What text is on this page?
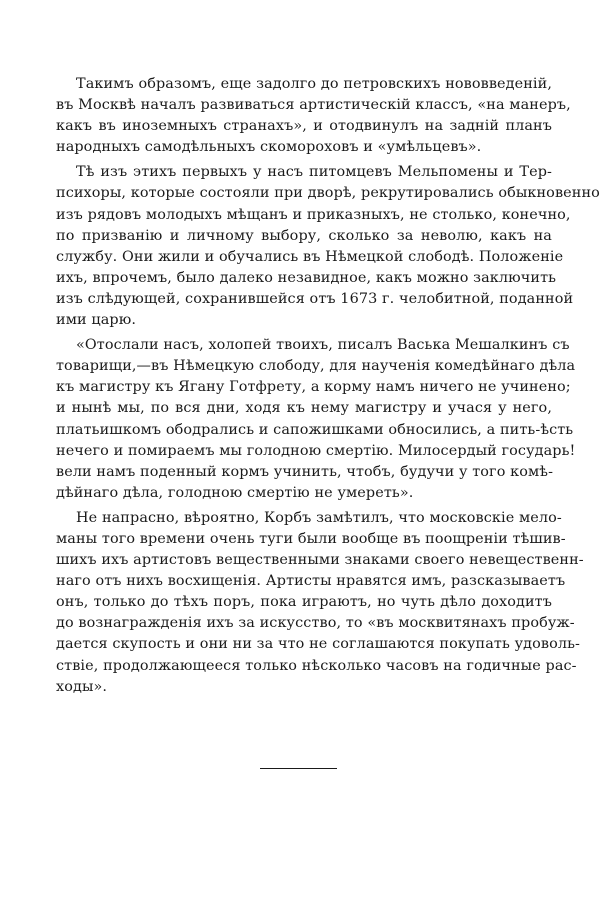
Такимъ образомъ, еще задолго до петровскихъ нововведеній,
въ Москвѣ началъ развиваться артистическій классъ, «на манеръ,
какъ въ иноземныхъ странахъ», и отодвинулъ на задній планъ
народныхъ самодѣльныхъ скомороховъ и «умѣльцевъ».
Тѣ изъ этихъ первыхъ у насъ питомцевъ Мельпомены и Тер-
психоры, которые состояли при дворѣ, рекрутировались обыкновенно
изъ рядовъ молодыхъ мѣщанъ и приказныхъ, не столько, конечно,
по призванію и личному выбору, сколько за неволю, какъ на
службу. Они жили и обучались въ Нѣмецкой слободѣ. Положеніе
ихъ, впрочемъ, было далеко незавидное, какъ можно заключить
изъ слѣдующей, сохранившейся отъ 1673 г. челобитной, поданной
ими царю.
«Отослали насъ, холопей твоихъ, писалъ Васька Мешалкинъ съ
товарищи,—въ Нѣмецкую слободу, для наученія комедѣйнаго дѣла
къ магистру къ Ягану Готфрету, а корму намъ ничего не учинено;
и нынѣ мы, по вся дни, ходя къ нему магистру и учася у него,
платьишкомъ ободрались и сапожишками обносились, а пить-ѣсть
нечего и помираемъ мы голодною смертію. Милосердый государь!
вели намъ поденный кормъ учинить, чтобъ, будучи у того комѣ-
дѣйнаго дѣла, голодною смертію не умереть».
Не напрасно, вѣроятно, Корбъ замѣтилъ, что московскіе мело-
маны того времени очень туги были вообще въ поощреніи тѣшив-
шихъ ихъ артистовъ вещественными знаками своего невещественн-
наго отъ нихъ восхищенія. Артисты нравятся имъ, разсказываетъ
онъ, только до тѣхъ поръ, пока играютъ, но чуть дѣло доходитъ
до вознагражденія ихъ за искусство, то «въ москвитянахъ пробуж-
дается скупость и они ни за что не соглашаются покупать удоволь-
ствіе, продолжающееся только нѣсколько часовъ на годичные рас-
ходы».
